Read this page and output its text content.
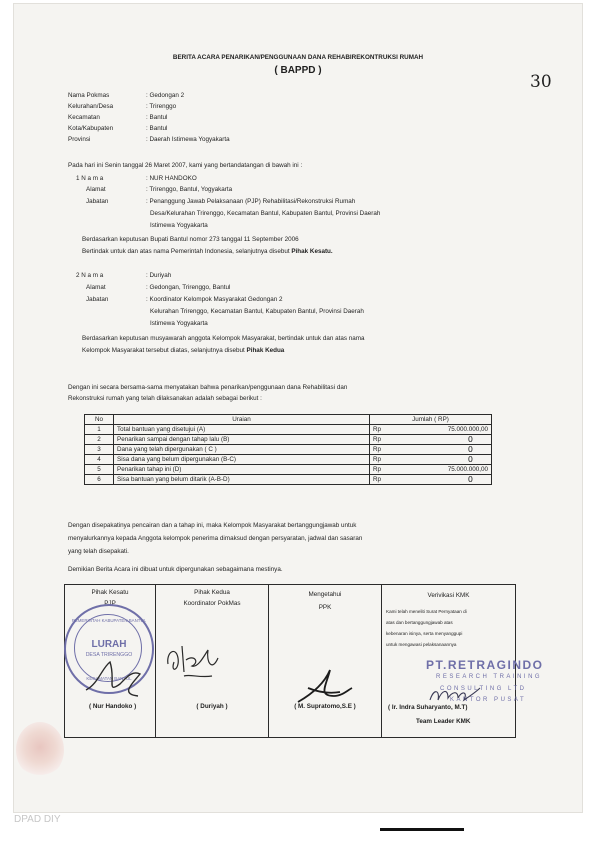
BERITA ACARA PENARIKAN/PENGGUNAAN DANA REHABIREKONTRUKSI RUMAH
( BAPPD )
30
Nama Pokmas	: Gedongan 2
Kelurahan/Desa	: Trirenggo
Kecamatan	: Bantul
Kota/Kabupaten	: Bantul
Provinsi	: Daerah Istimewa Yogyakarta
Pada hari ini Senin tanggal 26 Maret 2007, kami yang bertandatangan di bawah ini :
1 N a m a	: NUR HANDOKO
Alamat	: Trirenggo, Bantul, Yogyakarta
Jabatan	: Penanggung Jawab Pelaksanaan (PJP) Rehabilitasi/Rekonstruksi Rumah
Desa/Kelurahan Trirenggo, Kecamatan Bantul, Kabupaten Bantul, Provinsi Daerah
Istimewa Yogyakarta
Berdasarkan keputusan Bupati Bantul nomor 273 tanggal 11 September 2006
Bertindak untuk dan atas nama Pemerintah Indonesia, selanjutnya disebut Pihak Kesatu.
2 N a m a	: Duriyah
Alamat	: Gedongan, Trirenggo, Bantul
Jabatan	: Koordinator Kelompok Masyarakat Gedongan 2
Kelurahan Trirenggo, Kecamatan Bantul, Kabupaten Bantul, Provinsi Daerah
Istimewa Yogyakarta
Berdasarkan keputusan musyawarah anggota Kelompok Masyarakat, bertindak untuk dan atas nama
Kelompok Masyarakat tersebut diatas, selanjutnya disebut Pihak Kedua
Dengan ini secara bersama-sama menyatakan bahwa penarikan/penggunaan dana Rehabilitasi dan
Rekonstruksi rumah yang telah dilaksanakan adalah sebagai berikut :
No	Uraian	Jumlah ( RP)	
1	Total bantuan yang disetujui (A)	Rp	75.000.000,00
2	Penarikan sampai dengan tahap lalu (B)	Rp	0
3	Dana yang telah dipergunakan ( C )	Rp	0
4	Sisa dana yang belum dipergunakan (B-C)	Rp	0
5	Penarikan tahap ini (D)	Rp	75.000.000,00
6	Sisa bantuan yang belum ditarik (A-B-D)	Rp	0
Dengan disepakatinya pencairan dan a tahap ini, maka Kelompok Masyarakat bertanggungjawab untuk
menyalurkannya kepada Anggota kelompok penerima dimaksud dengan persyaratan, jadwal dan sasaran
yang telah disepakati.
Demikian Berita Acara ini dibuat untuk dipergunakan sebagaimana mestinya.
Pihak Kesatu
PJP
( Nur Handoko )
Pihak Kedua
Koordinator PokMas
( Duriyah )
Mengetahui
PPK
( M. Supratomo,S.E )
Verivikasi KMK
Kami telah meneliti Surat Pernyataan di
atas dan bertanggungjawab atas
kebenaran isinya, serta menyanggupi
untuk mengawasi pelaksanaannya
( Ir. Indra Suharyanto, M.T)
Team Leader KMK
PEMERINTAH KABUPATEN BANTUL
LURAH
DESA TRIRENGGO
KECAMATAN BANTUL
PT.RETRAGINDO
RESEARCH TRAINING
CONSULTING LTD
KANTOR PUSAT
DPAD DIY
